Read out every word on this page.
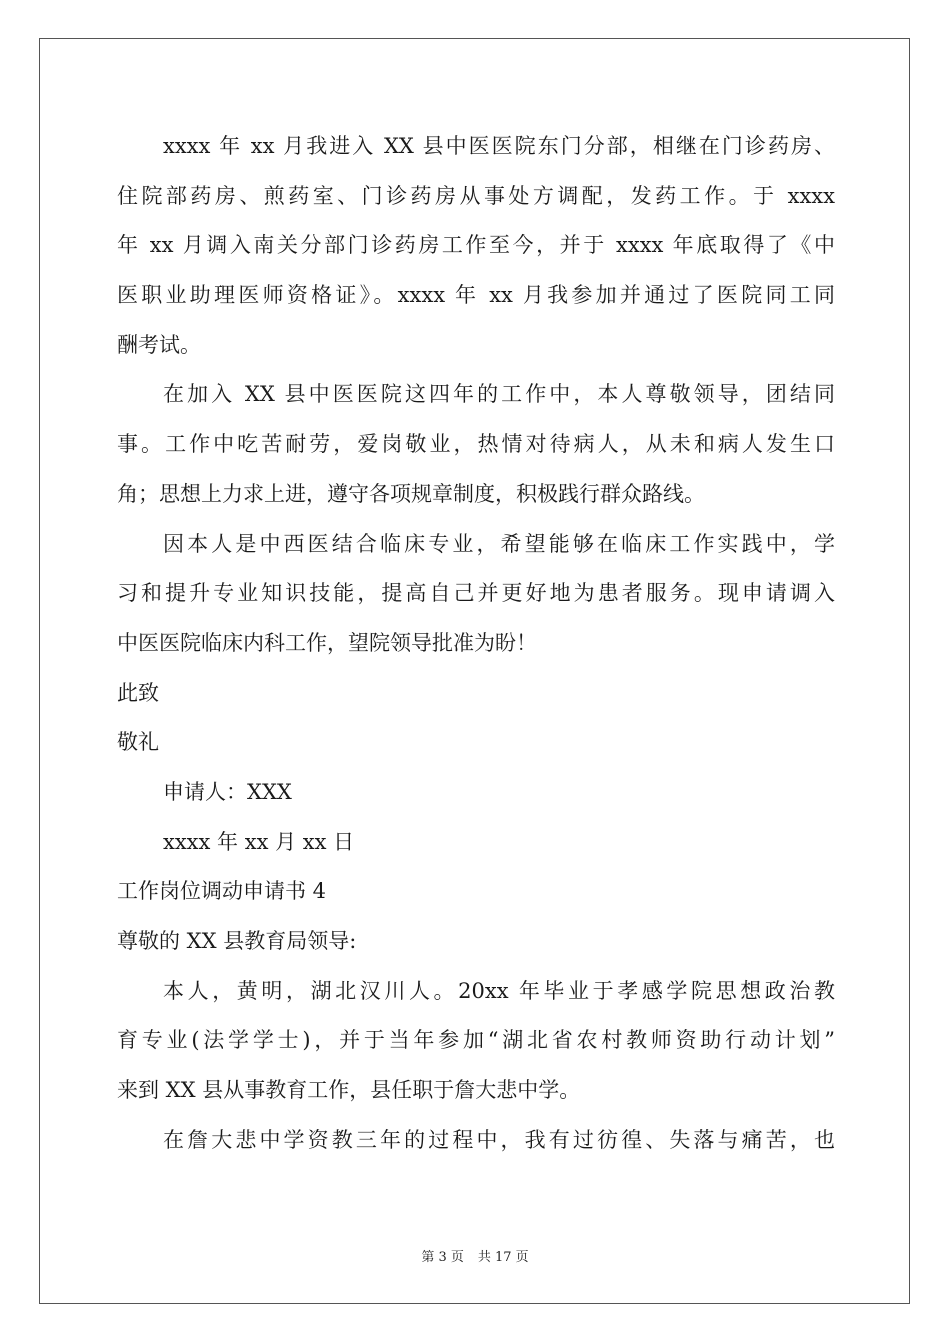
xxxx 年 xx 月我进入 XX 县中医医院东门分部，相继在门诊药房、
住院部药房、煎药室、门诊药房从事处方调配，发药工作。于 xxxx
年 xx 月调入南关分部门诊药房工作至今，并于 xxxx 年底取得了《中
医职业助理医师资格证》。xxxx 年 xx 月我参加并通过了医院同工同
酬考试。
在加入 XX 县中医医院这四年的工作中，本人尊敬领导，团结同
事。工作中吃苦耐劳，爱岗敬业，热情对待病人，从未和病人发生口
角；思想上力求上进，遵守各项规章制度，积极践行群众路线。
因本人是中西医结合临床专业，希望能够在临床工作实践中，学
习和提升专业知识技能，提高自己并更好地为患者服务。现申请调入
中医医院临床内科工作，望院领导批准为盼！
此致
敬礼
申请人：XXX
xxxx 年 xx 月 xx 日
工作岗位调动申请书 4
尊敬的 XX 县教育局领导:
本人，黄明，湖北汉川人。20xx 年毕业于孝感学院思想政治教
育专业(法学学士)，并于当年参加“湖北省农村教师资助行动计划”
来到 XX 县从事教育工作，县任职于詹大悲中学。
在詹大悲中学资教三年的过程中，我有过彷徨、失落与痛苦，也
第 3 页 共 17 页
